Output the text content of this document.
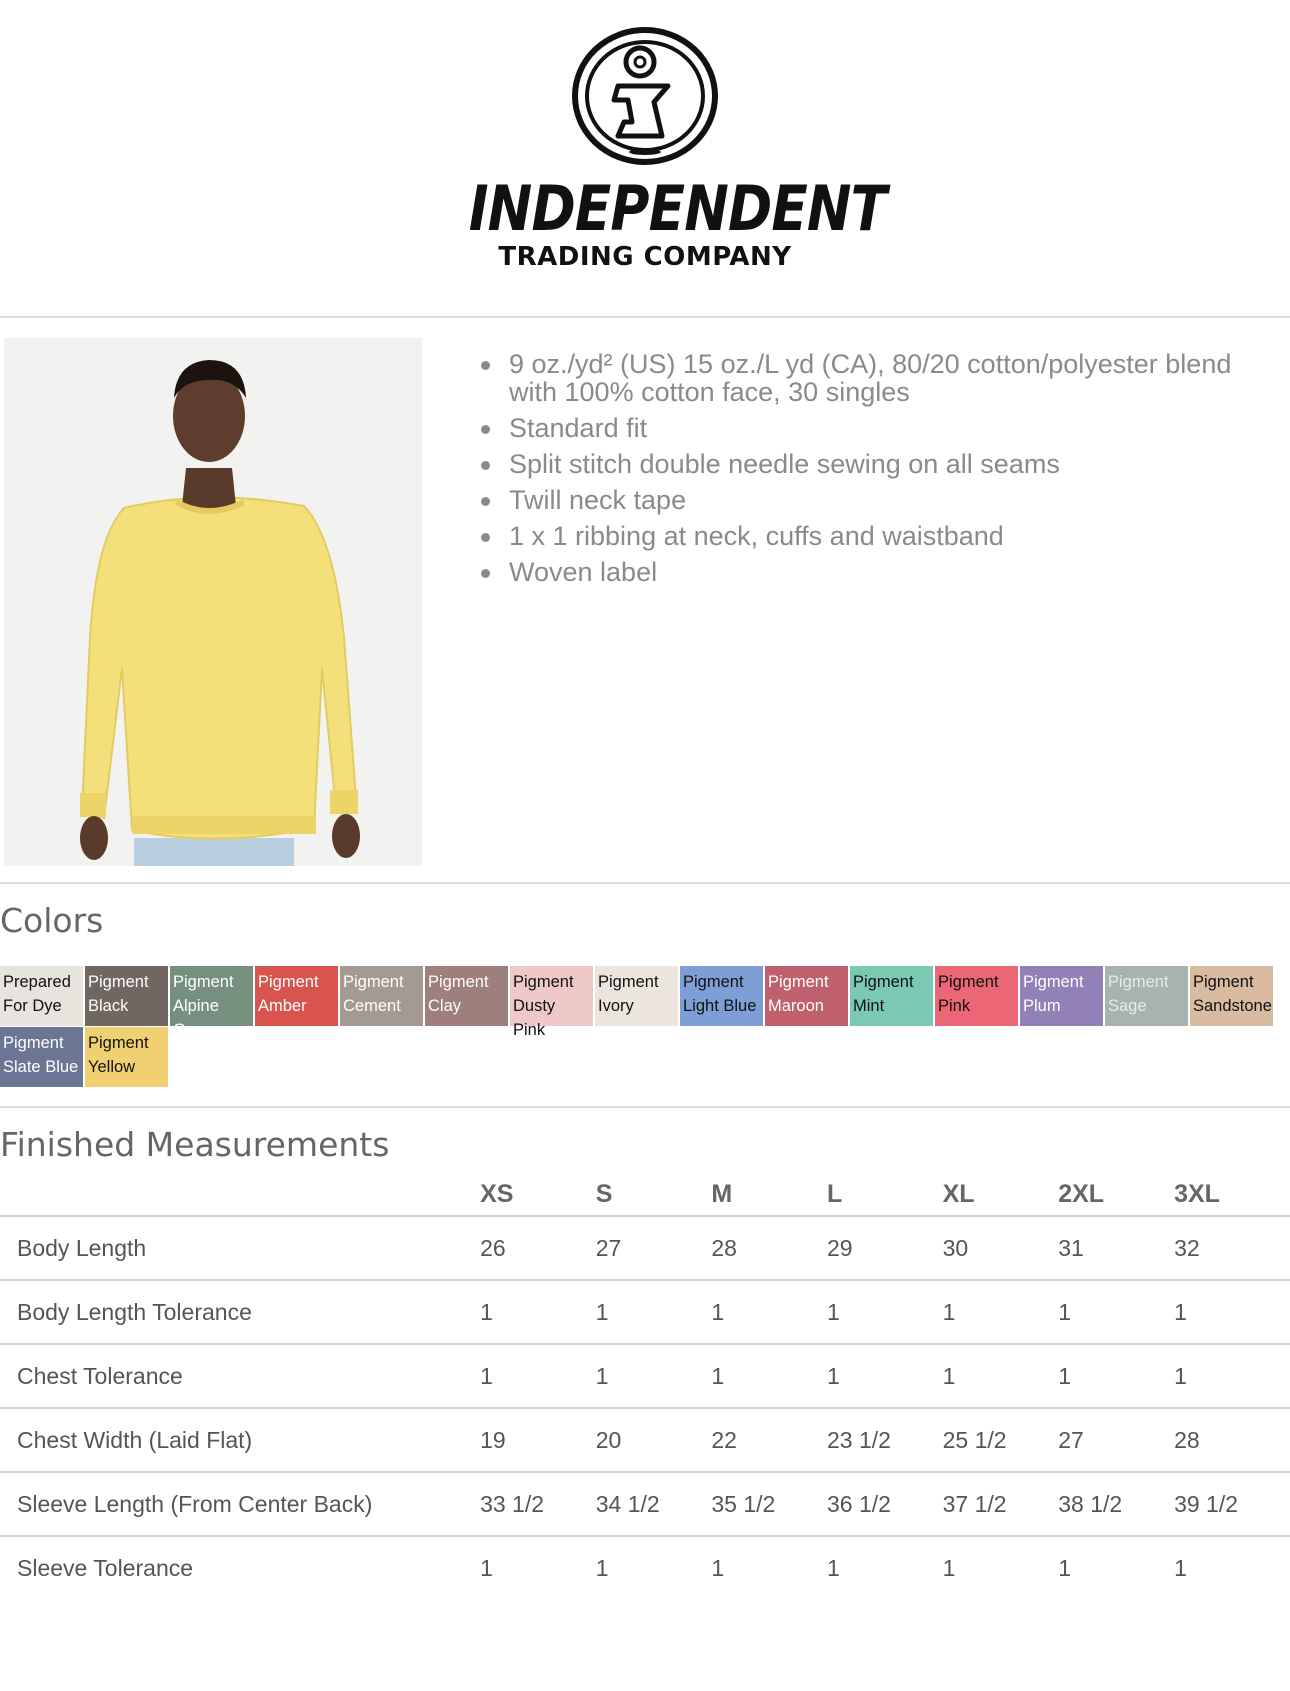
INDEPENDENT
TRADING COMPANY
9 oz./yd² (US) 15 oz./L yd (CA), 80/20 cotton/polyester blend with 100% cotton face, 30 singles
Standard fit
Split stitch double needle sewing on all seams
Twill neck tape
1 x 1 ribbing at neck, cuffs and waistband
Woven label
Colors
Prepared For Dye
Pigment Black
Pigment Alpine Green
Pigment Amber
Pigment Cement
Pigment Clay
Pigment Dusty Pink
Pigment Ivory
Pigment Light Blue
Pigment Maroon
Pigment Mint
Pigment Pink
Pigment Plum
Pigment Sage
Pigment Sandstone
Pigment Slate Blue
Pigment Yellow
Finished Measurements
	XS	S	M	L	XL	2XL	3XL
Body Length	26	27	28	29	30	31	32
Body Length Tolerance	1	1	1	1	1	1	1
Chest Tolerance	1	1	1	1	1	1	1
Chest Width (Laid Flat)	19	20	22	23 1/2	25 1/2	27	28
Sleeve Length (From Center Back)	33 1/2	34 1/2	35 1/2	36 1/2	37 1/2	38 1/2	39 1/2
Sleeve Tolerance	1	1	1	1	1	1	1
